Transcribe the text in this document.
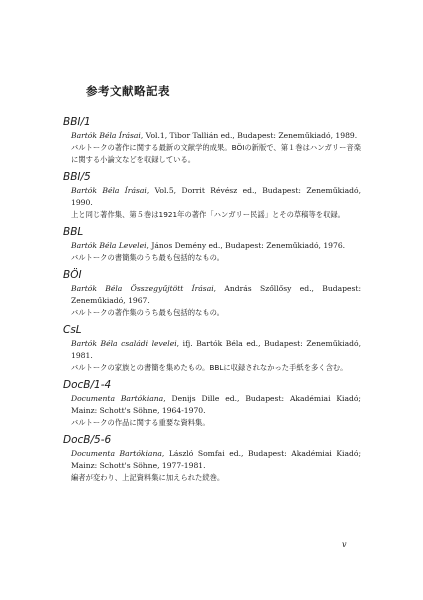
参考文献略記表
BBI/1
Bartók Béla Írásai, Vol.1, Tibor Tallián ed., Budapest: Zeneműkiadó, 1989.
バルトークの著作に関する最新の文献学的成果。BÖIの新版で、第１巻はハンガリー音楽に関する小論文などを収録している。
BBI/5
Bartók Béla Írásai, Vol.5, Dorrit Révész ed., Budapest: Zeneműkiadó, 1990.
上と同じ著作集、第５巻は1921年の著作「ハンガリー民謡」とその草稿等を収録。
BBL
Bartók Béla Levelei, János Demény ed., Budapest: Zeneműkiadó, 1976.
バルトークの書簡集のうち最も包括的なもの。
BÖI
Bartók Béla Összegyűjtött Írásai, András Szőllősy ed., Budapest: Zeneműkiadó, 1967.
バルトークの著作集のうち最も包括的なもの。
CsL
Bartók Béla családi levelei, ifj. Bartók Béla ed., Budapest: Zeneműkiadó, 1981.
バルトークの家族との書簡を集めたもの。BBLに収録されなかった手紙を多く含む。
DocB/1-4
Documenta Bartókiana, Denijs Dille ed., Budapest: Akadémiai Kiadó; Mainz: Schott's Söhne, 1964-1970.
バルトークの作品に関する重要な資料集。
DocB/5-6
Documenta Bartókiana, László Somfai ed., Budapest: Akadémiai Kiadó; Mainz: Schott's Söhne, 1977-1981.
編者が変わり、上記資料集に加えられた続巻。
v
